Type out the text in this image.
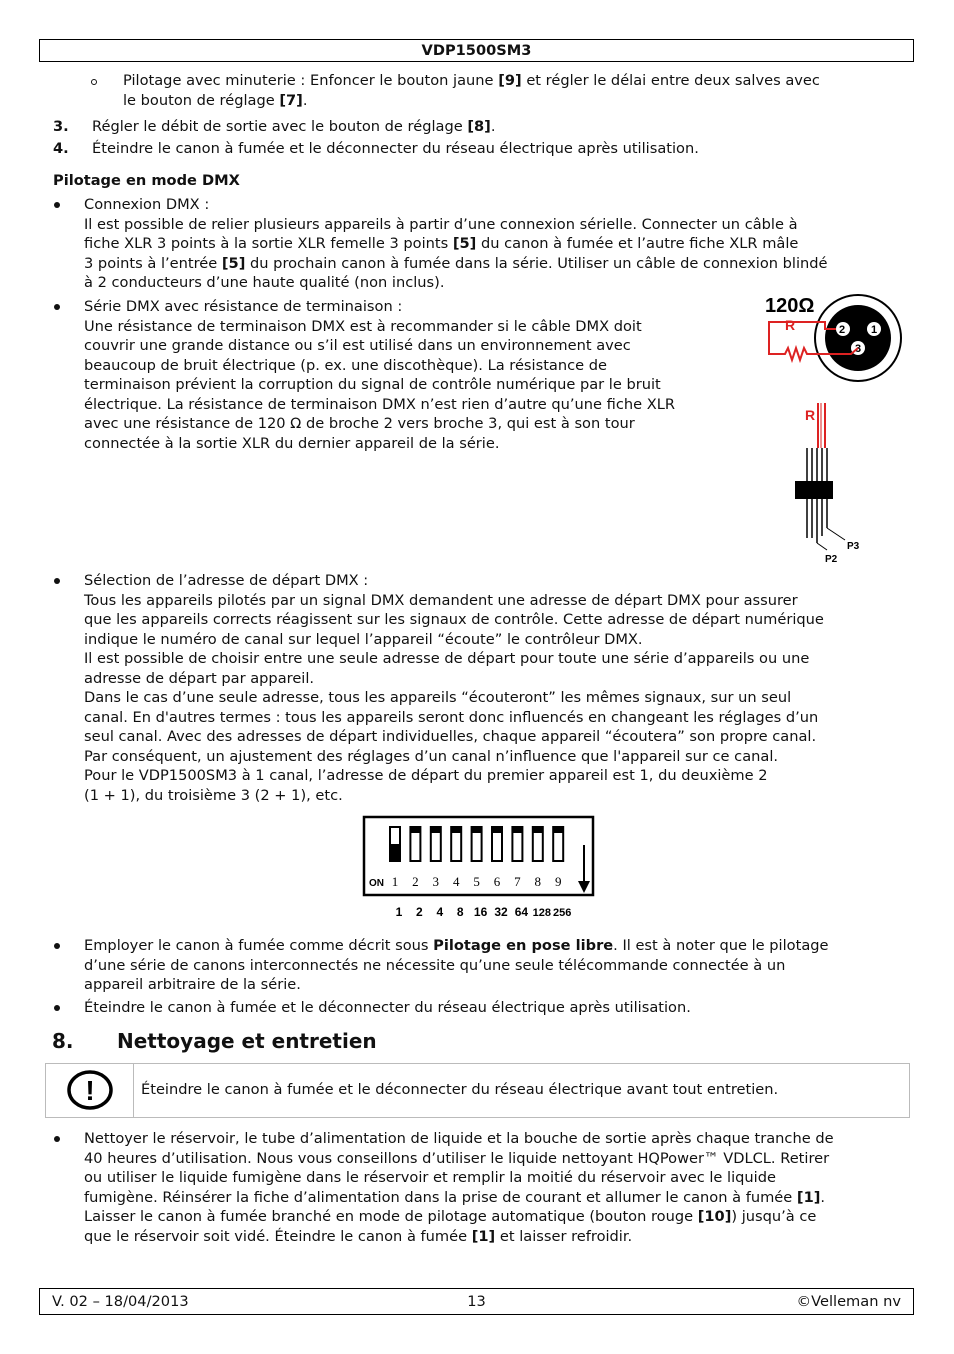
VDP1500SM3
Pilotage avec minuterie : Enfoncer le bouton jaune [9] et régler le délai entre deux salves avec
le bouton de réglage [7].
3. Régler le débit de sortie avec le bouton de réglage [8].
4. Éteindre le canon à fumée et le déconnecter du réseau électrique après utilisation.
Pilotage en mode DMX
Connexion DMX :
Il est possible de relier plusieurs appareils à partir d’une connexion sérielle. Connecter un câble à
fiche XLR 3 points à la sortie XLR femelle 3 points [5] du canon à fumée et l’autre fiche XLR mâle
3 points à l’entrée [5] du prochain canon à fumée dans la série. Utiliser un câble de connexion blindé
à 2 conducteurs d’une haute qualité (non inclus).
Série DMX avec résistance de terminaison :
Une résistance de terminaison DMX est à recommander si le câble DMX doit
couvrir une grande distance ou s’il est utilisé dans un environnement avec
beaucoup de bruit électrique (p. ex. une discothèque). La résistance de
terminaison prévient la corruption du signal de contrôle numérique par le bruit
électrique. La résistance de terminaison DMX n’est rien d’autre qu’une fiche XLR
avec une résistance de 120 Ω de broche 2 vers broche 3, qui est à son tour
connectée à la sortie XLR du dernier appareil de la série.
120Ω
R	2 1
3
R
P3
P2
Sélection de l’adresse de départ DMX :
Tous les appareils pilotés par un signal DMX demandent une adresse de départ DMX pour assurer
que les appareils corrects réagissent sur les signaux de contrôle. Cette adresse de départ numérique
indique le numéro de canal sur lequel l’appareil “écoute” le contrôleur DMX.
Il est possible de choisir entre une seule adresse de départ pour toute une série d’appareils ou une
adresse de départ par appareil.
Dans le cas d’une seule adresse, tous les appareils “écouteront” les mêmes signaux, sur un seul
canal. En d'autres termes : tous les appareils seront donc influencés en changeant les réglages d’un
seul canal. Avec des adresses de départ individuelles, chaque appareil “écoutera” son propre canal.
Par conséquent, un ajustement des réglages d’un canal n’influence que l'appareil sur ce canal.
Pour le VDP1500SM3 à 1 canal, l’adresse de départ du premier appareil est 1, du deuxième 2
(1 + 1), du troisième 3 (2 + 1), etc.
ON 1 2 3 4 5 6 7 8 9
1 2 4 8 16 32 64 128 256
Employer le canon à fumée comme décrit sous Pilotage en pose libre. Il est à noter que le pilotage
d’une série de canons interconnectés ne nécessite qu’une seule télécommande connectée à un
appareil arbitraire de la série.
Éteindre le canon à fumée et le déconnecter du réseau électrique après utilisation.
8. Nettoyage et entretien
!	Éteindre le canon à fumée et le déconnecter du réseau électrique avant tout entretien.
Nettoyer le réservoir, le tube d’alimentation de liquide et la bouche de sortie après chaque tranche de
40 heures d’utilisation. Nous vous conseillons d’utiliser le liquide nettoyant HQPower™ VDLCL. Retirer
ou utiliser le liquide fumigène dans le réservoir et remplir la moitié du réservoir avec le liquide
fumigène. Réinsérer la fiche d’alimentation dans la prise de courant et allumer le canon à fumée [1].
Laisser le canon à fumée branché en mode de pilotage automatique (bouton rouge [10]) jusqu’à ce
que le réservoir soit vidé. Éteindre le canon à fumée [1] et laisser refroidir.
V. 02 – 18/04/2013	13	©Velleman nv
